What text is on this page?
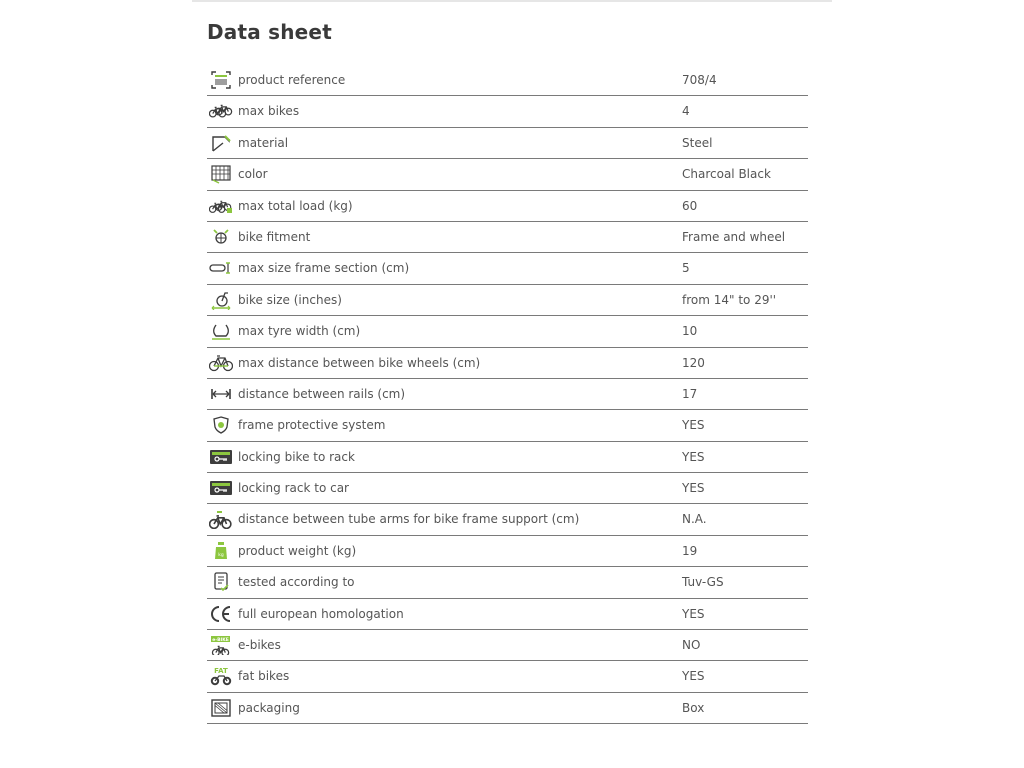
Data sheet
product reference	708/4
max bikes	4
material	Steel
color	Charcoal Black
max total load (kg)	60
bike fitment	Frame and wheel
max size frame section (cm)	5
bike size (inches)	from 14" to 29''
max tyre width (cm)	10
max distance between bike wheels (cm)	120
distance between rails (cm)	17
frame protective system	YES
locking bike to rack	YES
locking rack to car	YES
distance between tube arms for bike frame support (cm)	N.A.
kg product weight (kg)	19
tested according to	Tuv-GS
full european homologation	YES
e-BIKE e-bikes	NO
FAT fat bikes	YES
packaging	Box
